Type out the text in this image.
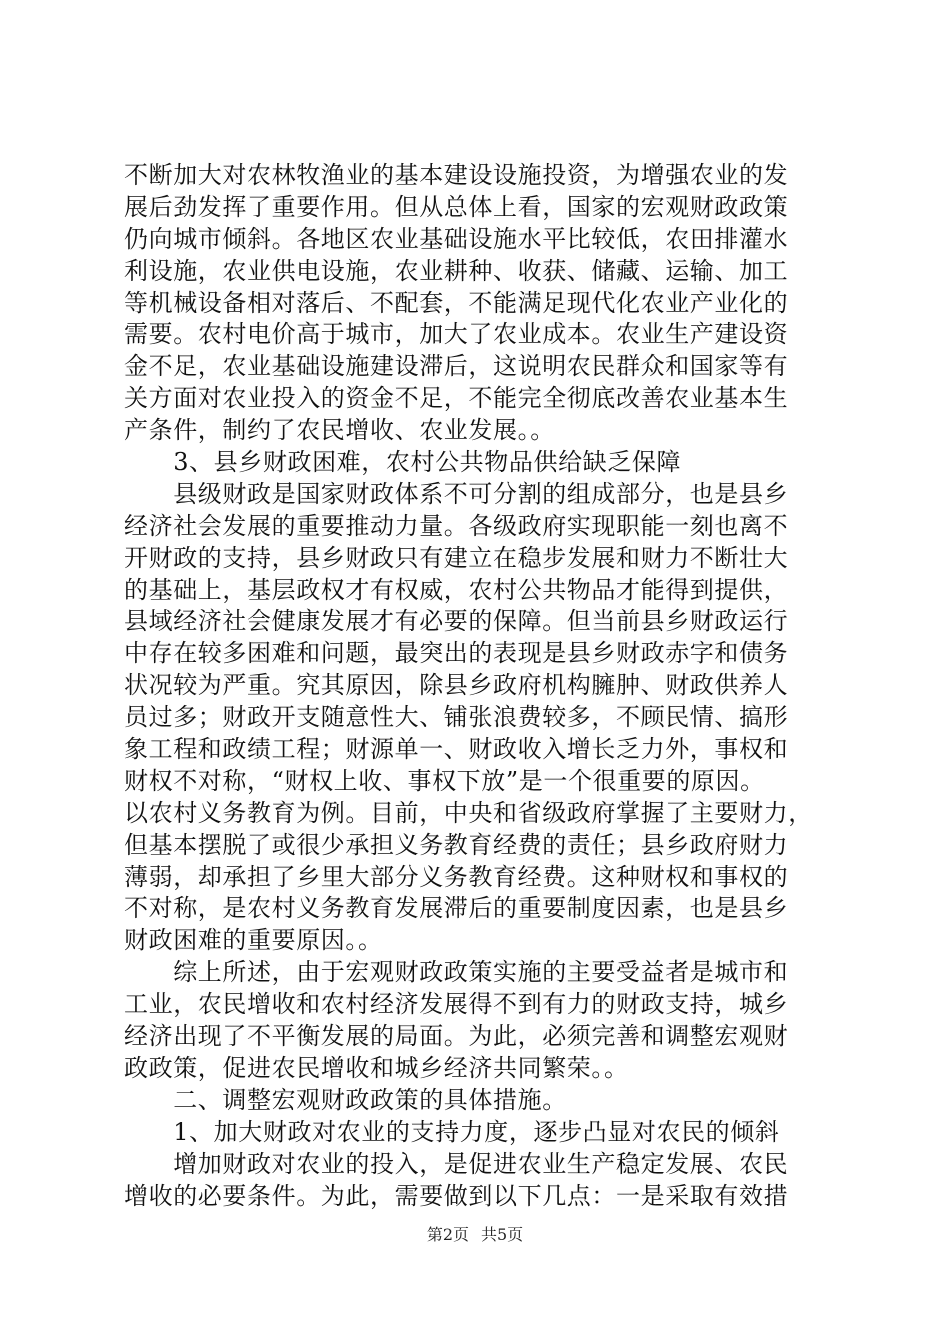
不断加大对农林牧渔业的基本建设设施投资，为增强农业的发
展后劲发挥了重要作用。但从总体上看，国家的宏观财政政策
仍向城市倾斜。各地区农业基础设施水平比较低，农田排灌水
利设施，农业供电设施，农业耕种、收获、储藏、运输、加工
等机械设备相对落后、不配套，不能满足现代化农业产业化的
需要。农村电价高于城市，加大了农业成本。农业生产建设资
金不足，农业基础设施建设滞后，这说明农民群众和国家等有
关方面对农业投入的资金不足，不能完全彻底改善农业基本生
产条件，制约了农民增收、农业发展。。
　　3、县乡财政困难，农村公共物品供给缺乏保障
　　县级财政是国家财政体系不可分割的组成部分，也是县乡
经济社会发展的重要推动力量。各级政府实现职能一刻也离不
开财政的支持，县乡财政只有建立在稳步发展和财力不断壮大
的基础上，基层政权才有权威，农村公共物品才能得到提供，
县域经济社会健康发展才有必要的保障。但当前县乡财政运行
中存在较多困难和问题，最突出的表现是县乡财政赤字和债务
状况较为严重。究其原因，除县乡政府机构臃肿、财政供养人
员过多；财政开支随意性大、铺张浪费较多，不顾民情、搞形
象工程和政绩工程；财源单一、财政收入增长乏力外，事权和
财权不对称，“财权上收、事权下放”是一个很重要的原因。
以农村义务教育为例。目前，中央和省级政府掌握了主要财力，
但基本摆脱了或很少承担义务教育经费的责任；县乡政府财力
薄弱，却承担了乡里大部分义务教育经费。这种财权和事权的
不对称，是农村义务教育发展滞后的重要制度因素，也是县乡
财政困难的重要原因。。
　　综上所述，由于宏观财政政策实施的主要受益者是城市和
工业，农民增收和农村经济发展得不到有力的财政支持，城乡
经济出现了不平衡发展的局面。为此，必须完善和调整宏观财
政政策，促进农民增收和城乡经济共同繁荣。。
　　二、调整宏观财政政策的具体措施。
　　1、加大财政对农业的支持力度，逐步凸显对农民的倾斜
　　增加财政对农业的投入，是促进农业生产稳定发展、农民
增收的必要条件。为此，需要做到以下几点：一是采取有效措
第2页 共5页
